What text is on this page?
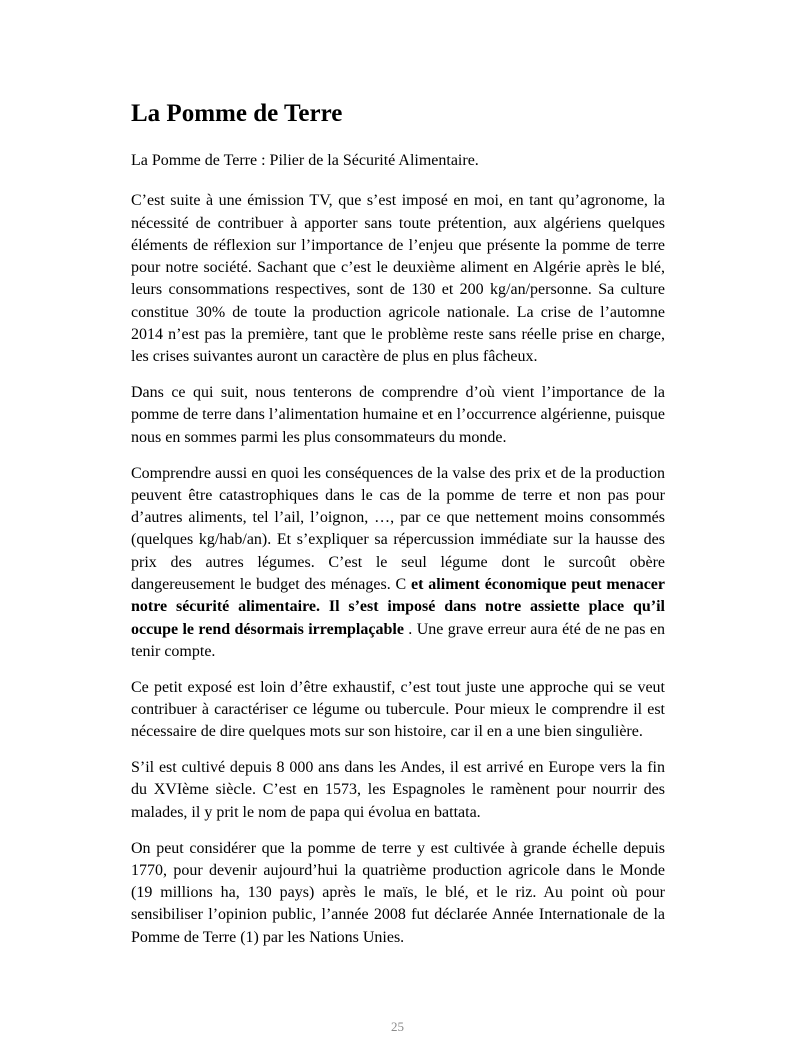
La Pomme de Terre

La Pomme de Terre : Pilier de la Sécurité Alimentaire.

C’est suite à une émission TV, que s’est imposé en moi, en tant qu’agronome, la nécessité de contribuer à apporter sans toute prétention, aux algériens quelques éléments de réflexion sur l’importance de l’enjeu que présente la pomme de terre pour notre société. Sachant que c’est le deuxième aliment en Algérie après le blé, leurs consommations respectives, sont de 130 et 200 kg/an/personne. Sa culture constitue 30% de toute la production agricole nationale. La crise de l’automne 2014 n’est pas la première, tant que le problème reste sans réelle prise en charge, les crises suivantes auront un caractère de plus en plus fâcheux.

Dans ce qui suit, nous tenterons de comprendre d’où vient l’importance de la pomme de terre dans l’alimentation humaine et en l’occurrence algérienne, puisque nous en sommes parmi les plus consommateurs du monde.

Comprendre aussi en quoi les conséquences de la valse des prix et de la production peuvent être catastrophiques dans le cas de la pomme de terre et non pas pour d’autres aliments, tel l’ail, l’oignon, …, par ce que nettement moins consommés (quelques kg/hab/an). Et s’expliquer sa répercussion immédiate sur la hausse des prix des autres légumes. C’est le seul légume dont le surcoût obère dangereusement le budget des ménages. C et aliment économique peut menacer notre sécurité alimentaire. Il s’est imposé dans notre assiette place qu’il occupe le rend désormais irremplaçable . Une grave erreur aura été de ne pas en tenir compte.

Ce petit exposé est loin d’être exhaustif, c’est tout juste une approche qui se veut contribuer à caractériser ce légume ou tubercule. Pour mieux le comprendre il est nécessaire de dire quelques mots sur son histoire, car il en a une bien singulière.

S’il est cultivé depuis 8 000 ans dans les Andes, il est arrivé en Europe vers la fin du XVIème siècle. C’est en 1573, les Espagnoles le ramènent pour nourrir des malades, il y prit le nom de papa qui évolua en battata.

On peut considérer que la pomme de terre y est cultivée à grande échelle depuis 1770, pour devenir aujourd’hui la quatrième production agricole dans le Monde (19 millions ha, 130 pays) après le maïs, le blé, et le riz. Au point où pour sensibiliser l’opinion public, l’année 2008 fut déclarée Année Internationale de la Pomme de Terre (1) par les Nations Unies.

25
